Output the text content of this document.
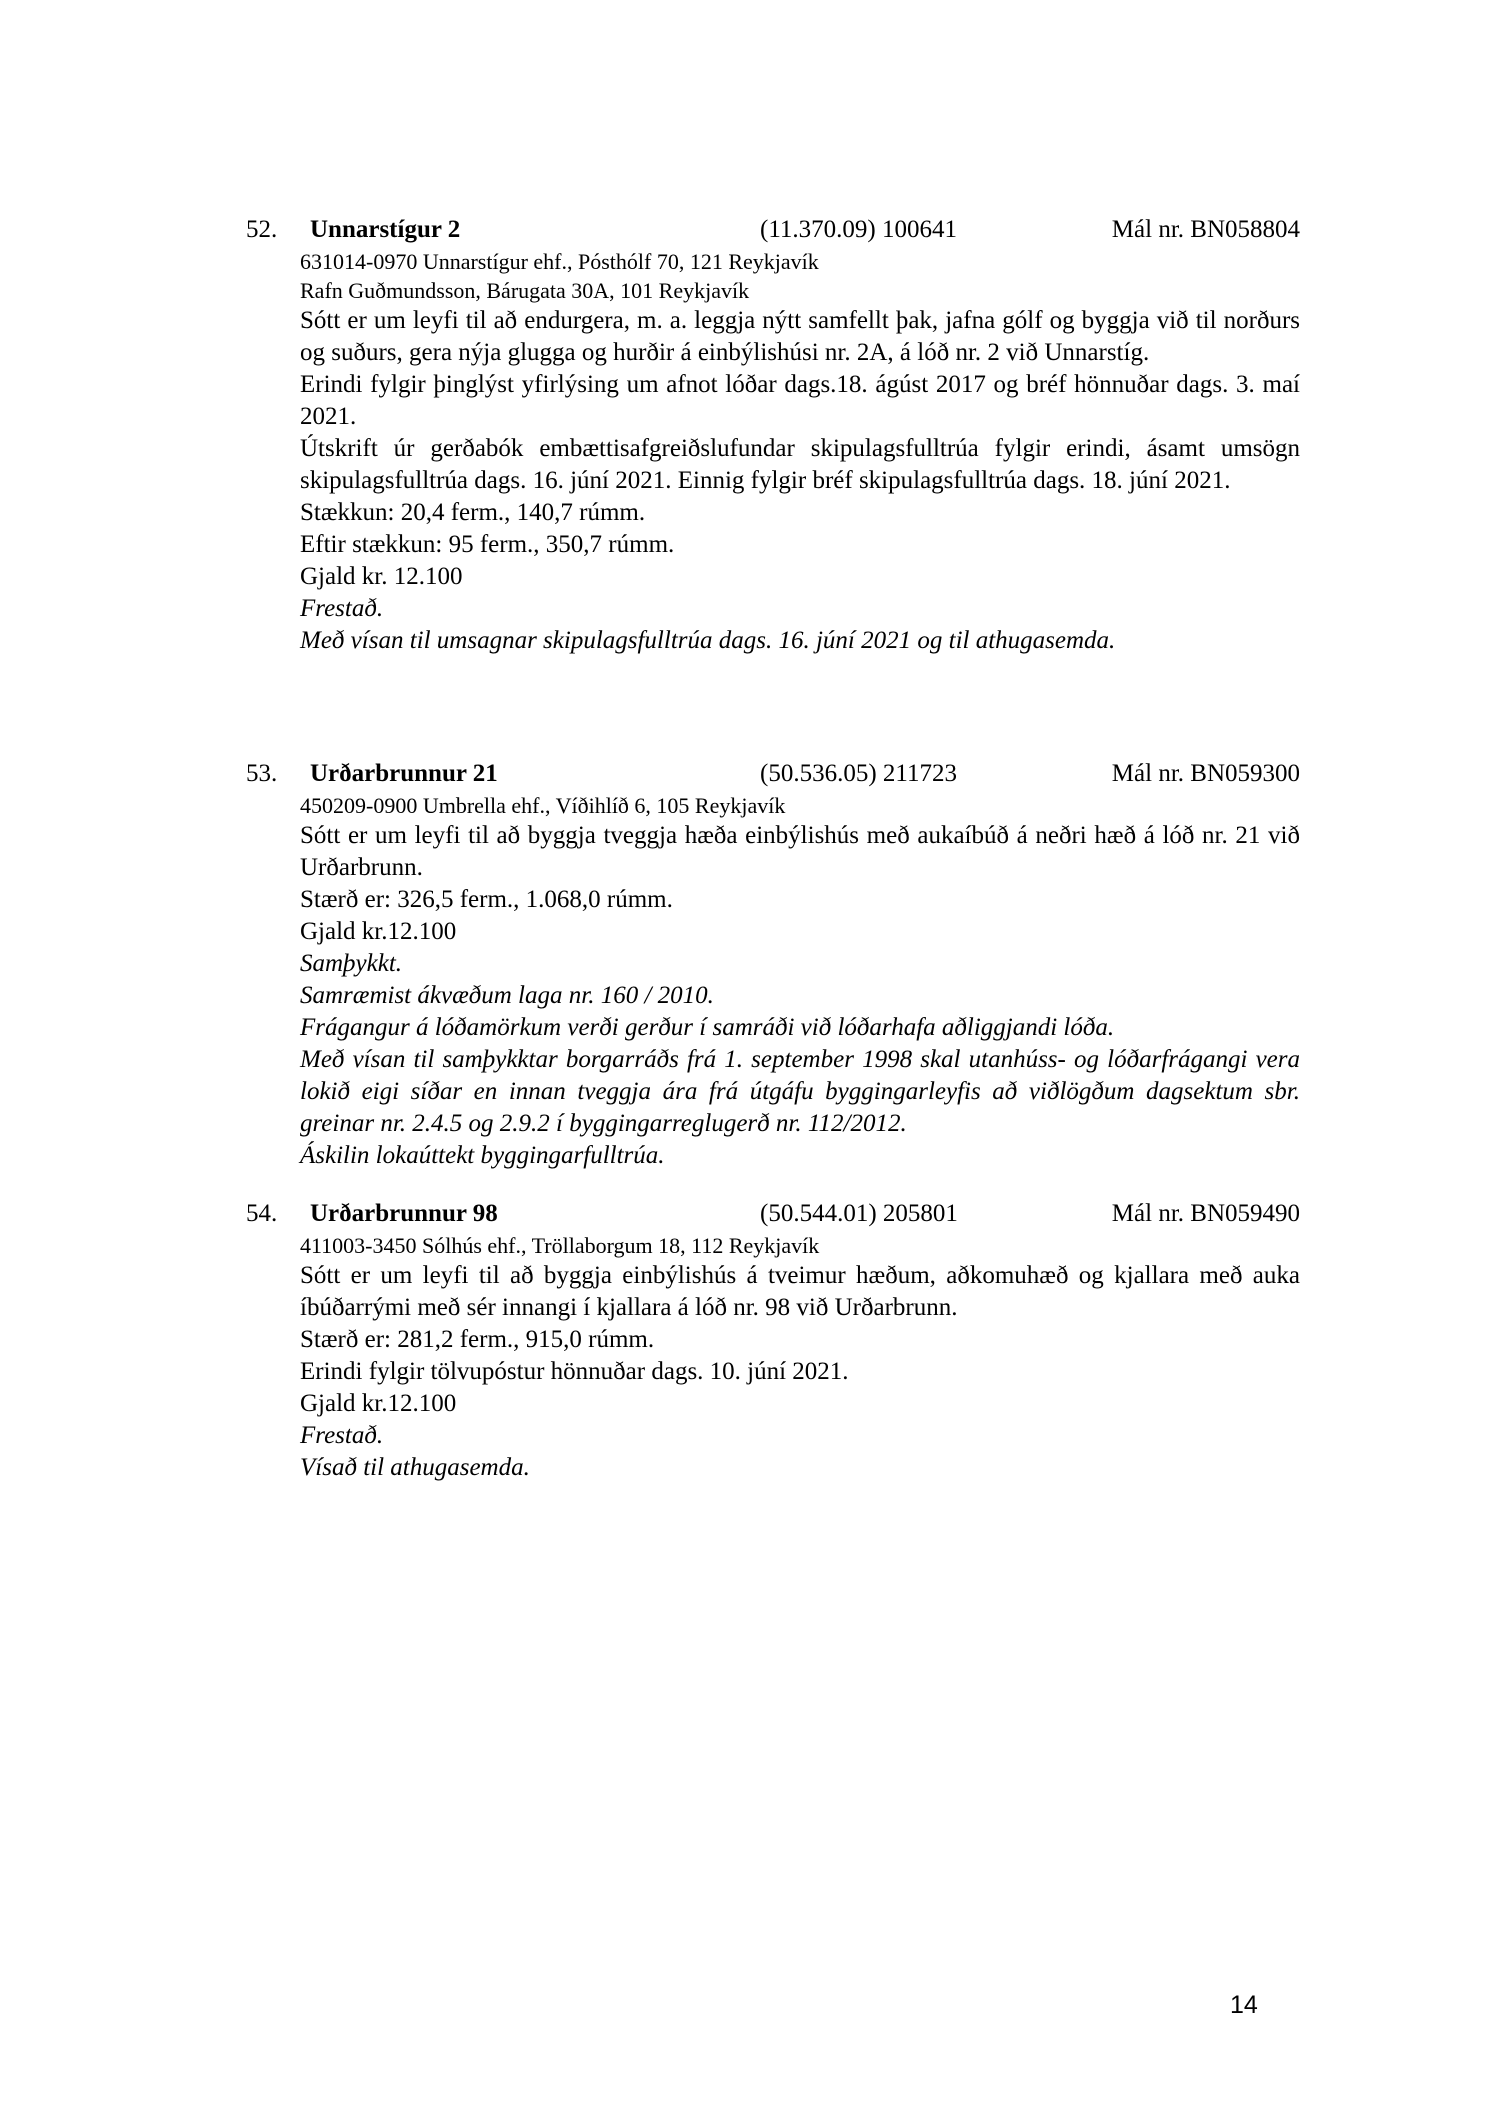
52. Unnarstígur 2	(11.370.09) 100641	Mál nr. BN058804
631014-0970 Unnarstígur ehf., Pósthólf 70, 121 Reykjavík
Rafn Guðmundsson, Bárugata 30A, 101 Reykjavík
Sótt er um leyfi til að endurgera, m. a. leggja nýtt samfellt þak, jafna gólf og byggja við til norðurs og suðurs, gera nýja glugga og hurðir á einbýlishúsi nr. 2A, á lóð nr. 2 við Unnarstíg.
Erindi fylgir þinglýst yfirlýsing um afnot lóðar dags.18. ágúst 2017 og bréf hönnuðar dags. 3. maí 2021.
Útskrift úr gerðabók embættisafgreiðslufundar skipulagsfulltrúa fylgir erindi, ásamt umsögn skipulagsfulltrúa dags. 16. júní 2021. Einnig fylgir bréf skipulagsfulltrúa dags. 18. júní 2021.
Stækkun: 20,4 ferm., 140,7 rúmm.
Eftir stækkun: 95 ferm., 350,7 rúmm.
Gjald kr. 12.100
Frestað.
Með vísan til umsagnar skipulagsfulltrúa dags. 16. júní 2021 og til athugasemda.
53. Urðarbrunnur 21	(50.536.05) 211723	Mál nr. BN059300
450209-0900 Umbrella ehf., Víðihlíð 6, 105 Reykjavík
Sótt er um leyfi til að byggja tveggja hæða einbýlishús með aukaíbúð á neðri hæð á lóð nr. 21 við Urðarbrunn.
Stærð er: 326,5 ferm., 1.068,0 rúmm.
Gjald kr.12.100
Samþykkt.
Samræmist ákvæðum laga nr. 160 / 2010.
Frágangur á lóðamörkum verði gerður í samráði við lóðarhafa aðliggjandi lóða.
Með vísan til samþykktar borgarráðs frá 1. september 1998 skal utanhúss- og lóðarfrágangi vera lokið eigi síðar en innan tveggja ára frá útgáfu byggingarleyfis að viðlögðum dagsektum sbr. greinar nr. 2.4.5 og 2.9.2 í byggingarreglugerð nr. 112/2012.
Áskilin lokaúttekt byggingarfulltrúa.
54. Urðarbrunnur 98	(50.544.01) 205801	Mál nr. BN059490
411003-3450 Sólhús ehf., Tröllaborgum 18, 112 Reykjavík
Sótt er um leyfi til að byggja einbýlishús á tveimur hæðum, aðkomuhæð og kjallara með auka íbúðarrými með sér innangi í kjallara á lóð nr. 98 við Urðarbrunn.
Stærð er: 281,2 ferm., 915,0 rúmm.
Erindi fylgir tölvupóstur hönnuðar dags. 10. júní 2021.
Gjald kr.12.100
Frestað.
Vísað til athugasemda.
14
